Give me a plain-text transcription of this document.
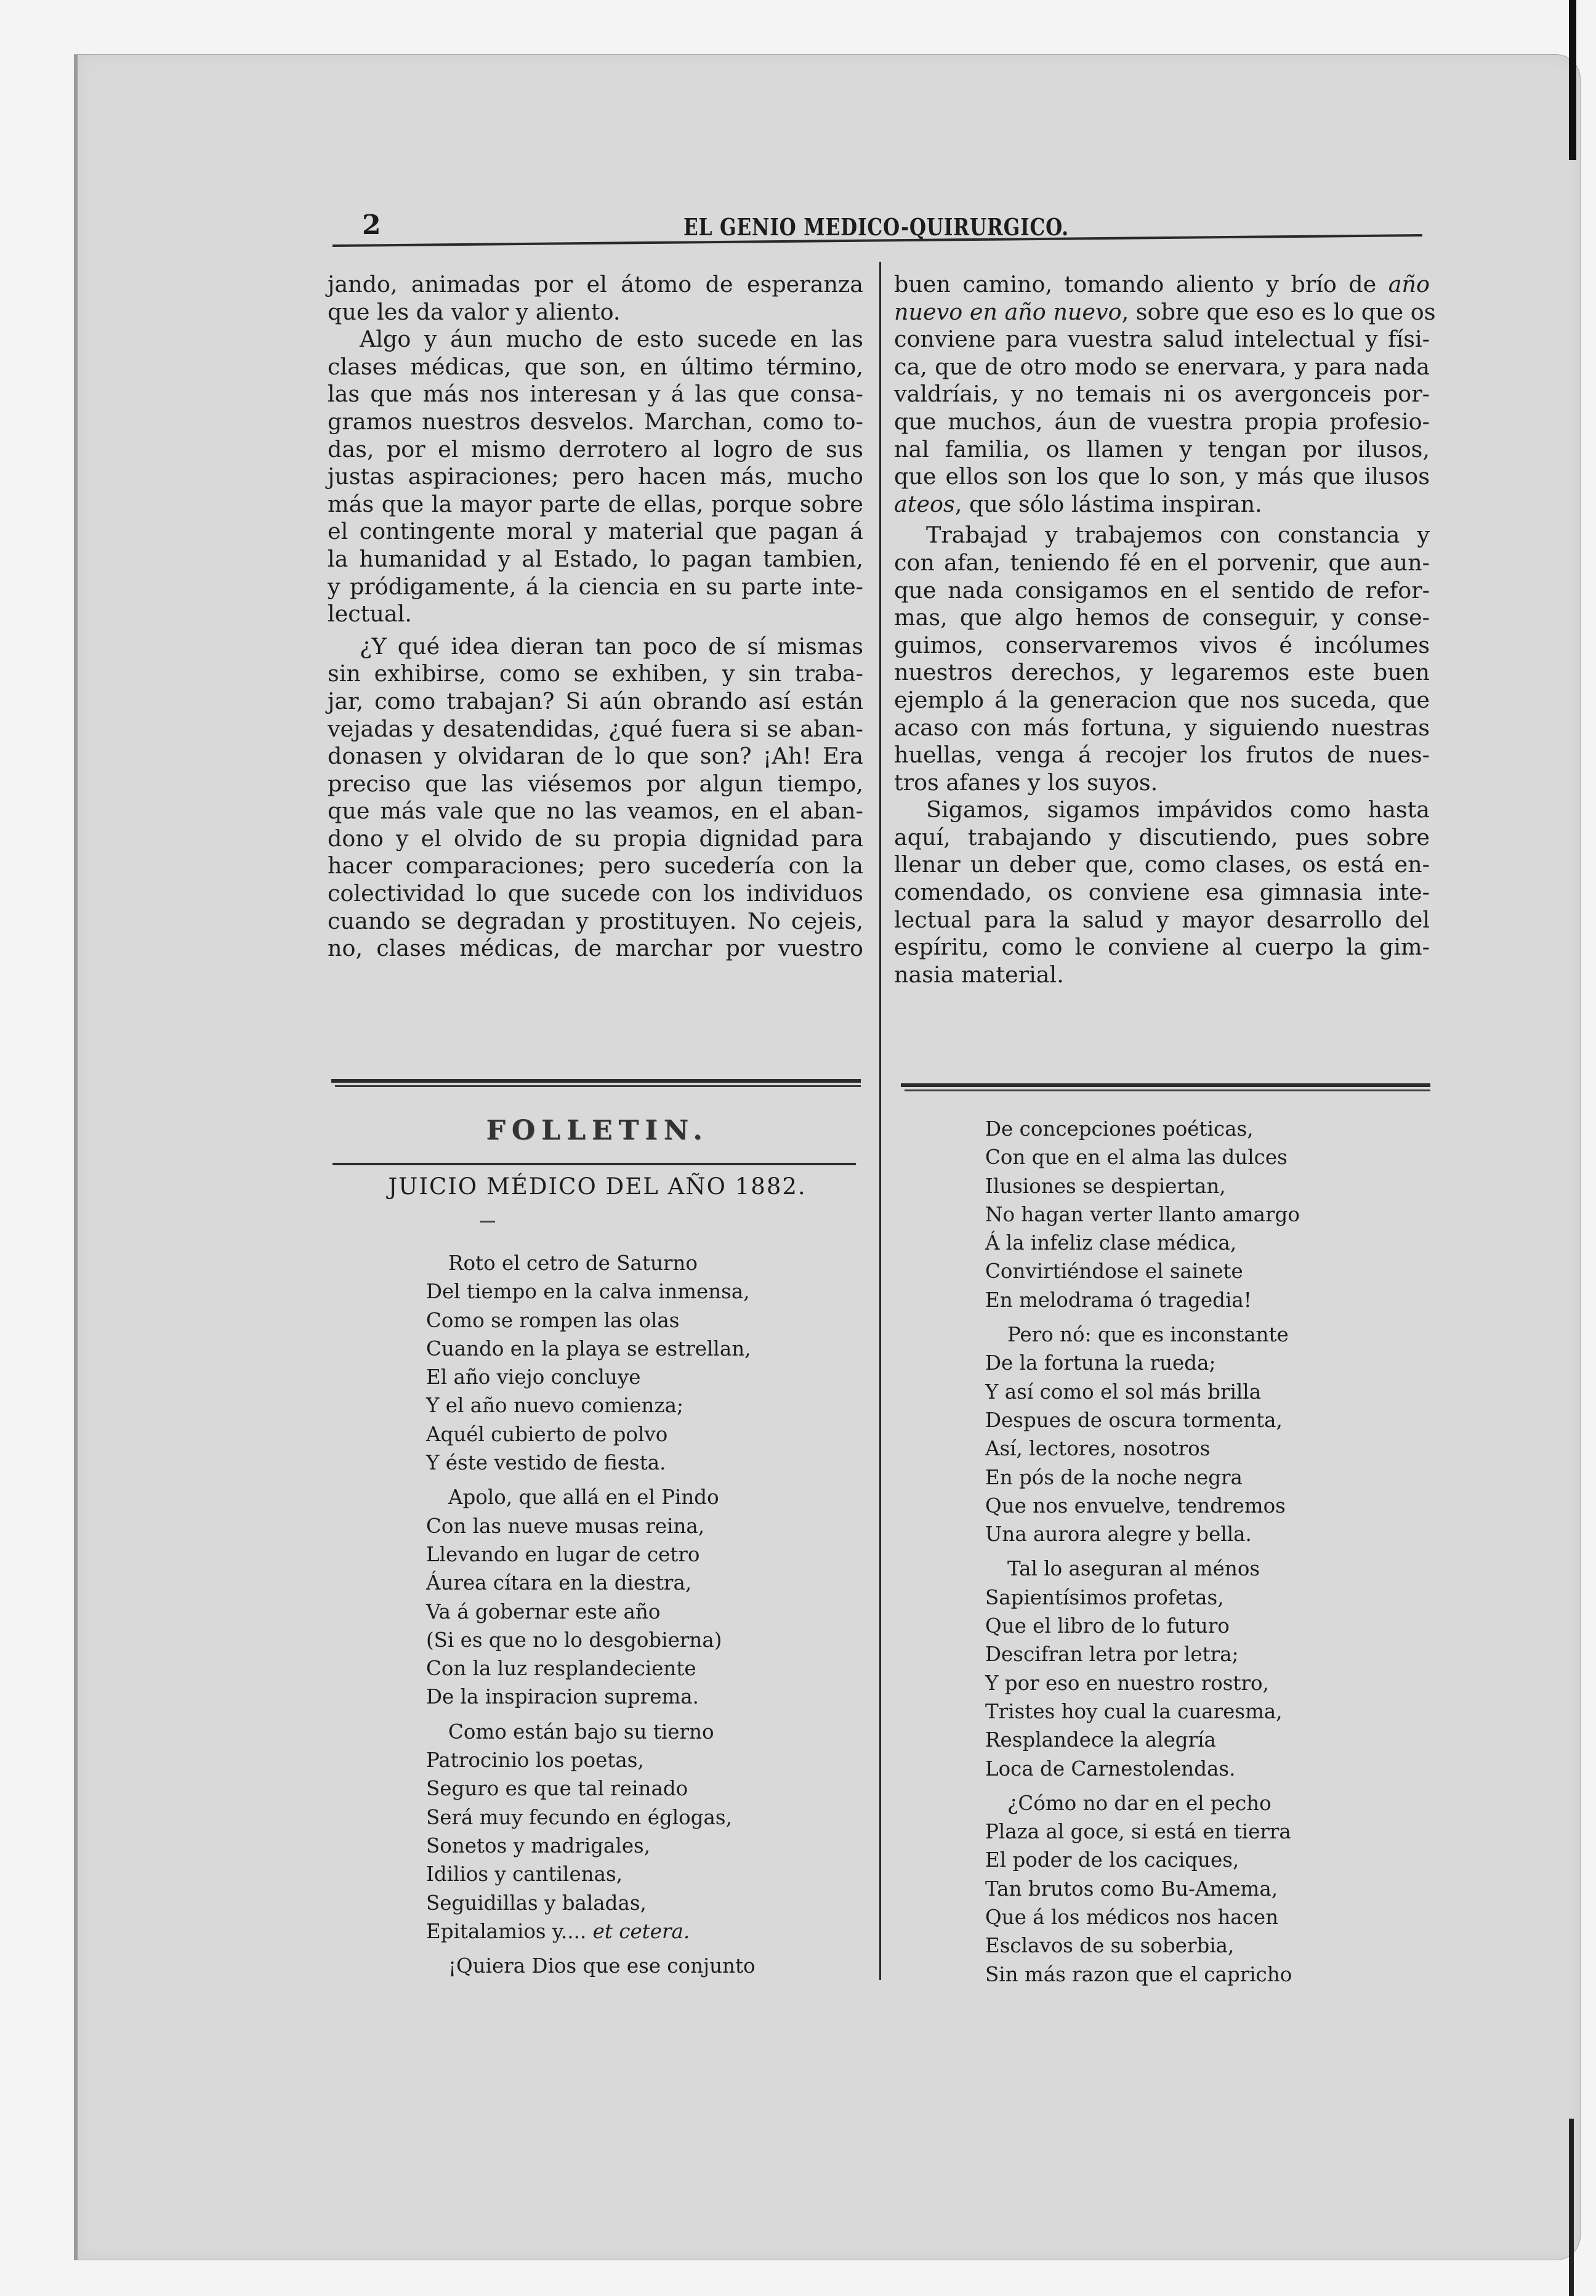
2	EL GENIO MEDICO-QUIRURGICO.

jando, animadas por el átomo de esperanza
que les da valor y aliento.

Algo y áun mucho de esto sucede en las
clases médicas, que son, en último término,
las que más nos interesan y á las que consa-
gramos nuestros desvelos. Marchan, como to-
das, por el mismo derrotero al logro de sus
justas aspiraciones; pero hacen más, mucho
más que la mayor parte de ellas, porque sobre
el contingente moral y material que pagan á
la humanidad y al Estado, lo pagan tambien,
y pródigamente, á la ciencia en su parte inte-
lectual.

¿Y qué idea dieran tan poco de sí mismas
sin exhibirse, como se exhiben, y sin traba-
jar, como trabajan? Si aún obrando así están
vejadas y desatendidas, ¿qué fuera si se aban-
donasen y olvidaran de lo que son? ¡Ah! Era
preciso que las viésemos por algun tiempo,
que más vale que no las veamos, en el aban-
dono y el olvido de su propia dignidad para
hacer comparaciones; pero sucedería con la
colectividad lo que sucede con los individuos
cuando se degradan y prostituyen. No cejeis,
no, clases médicas, de marchar por vuestro

buen camino, tomando aliento y brío de año
nuevo en año nuevo, sobre que eso es lo que os
conviene para vuestra salud intelectual y físi-
ca, que de otro modo se enervara, y para nada
valdríais, y no temais ni os avergonceis por-
que muchos, áun de vuestra propia profesio-
nal familia, os llamen y tengan por ilusos,
que ellos son los que lo son, y más que ilusos
ateos, que sólo lástima inspiran.

Trabajad y trabajemos con constancia y
con afan, teniendo fé en el porvenir, que aun-
que nada consigamos en el sentido de refor-
mas, que algo hemos de conseguir, y conse-
guimos, conservaremos vivos é incólumes
nuestros derechos, y legaremos este buen
ejemplo á la generacion que nos suceda, que
acaso con más fortuna, y siguiendo nuestras
huellas, venga á recojer los frutos de nues-
tros afanes y los suyos.

Sigamos, sigamos impávidos como hasta
aquí, trabajando y discutiendo, pues sobre
llenar un deber que, como clases, os está en-
comendado, os conviene esa gimnasia inte-
lectual para la salud y mayor desarrollo del
espíritu, como le conviene al cuerpo la gim-
nasia material.

FOLLETIN.
JUICIO MÉDICO DEL AÑO 1882.
Roto el cetro de Saturno
Del tiempo en la calva inmensa,
Como se rompen las olas
Cuando en la playa se estrellan,
El año viejo concluye
Y el año nuevo comienza;
Aquél cubierto de polvo
Y éste vestido de fiesta.
Apolo, que allá en el Pindo
Con las nueve musas reina,
Llevando en lugar de cetro
Áurea cítara en la diestra,
Va á gobernar este año
(Si es que no lo desgobierna)
Con la luz resplandeciente
De la inspiracion suprema.
Como están bajo su tierno
Patrocinio los poetas,
Seguro es que tal reinado
Será muy fecundo en églogas,
Sonetos y madrigales,
Idilios y cantilenas,
Seguidillas y baladas,
Epitalamios y.... et cetera.
¡Quiera Dios que ese conjunto
De concepciones poéticas,
Con que en el alma las dulces
Ilusiones se despiertan,
No hagan verter llanto amargo
Á la infeliz clase médica,
Convirtiéndose el sainete
En melodrama ó tragedia!
Pero nó: que es inconstante
De la fortuna la rueda;
Y así como el sol más brilla
Despues de oscura tormenta,
Así, lectores, nosotros
En pós de la noche negra
Que nos envuelve, tendremos
Una aurora alegre y bella.
Tal lo aseguran al ménos
Sapientísimos profetas,
Que el libro de lo futuro
Descifran letra por letra;
Y por eso en nuestro rostro,
Tristes hoy cual la cuaresma,
Resplandece la alegría
Loca de Carnestolendas.
¿Cómo no dar en el pecho
Plaza al goce, si está en tierra
El poder de los caciques,
Tan brutos como Bu-Amema,
Que á los médicos nos hacen
Esclavos de su soberbia,
Sin más razon que el capricho
